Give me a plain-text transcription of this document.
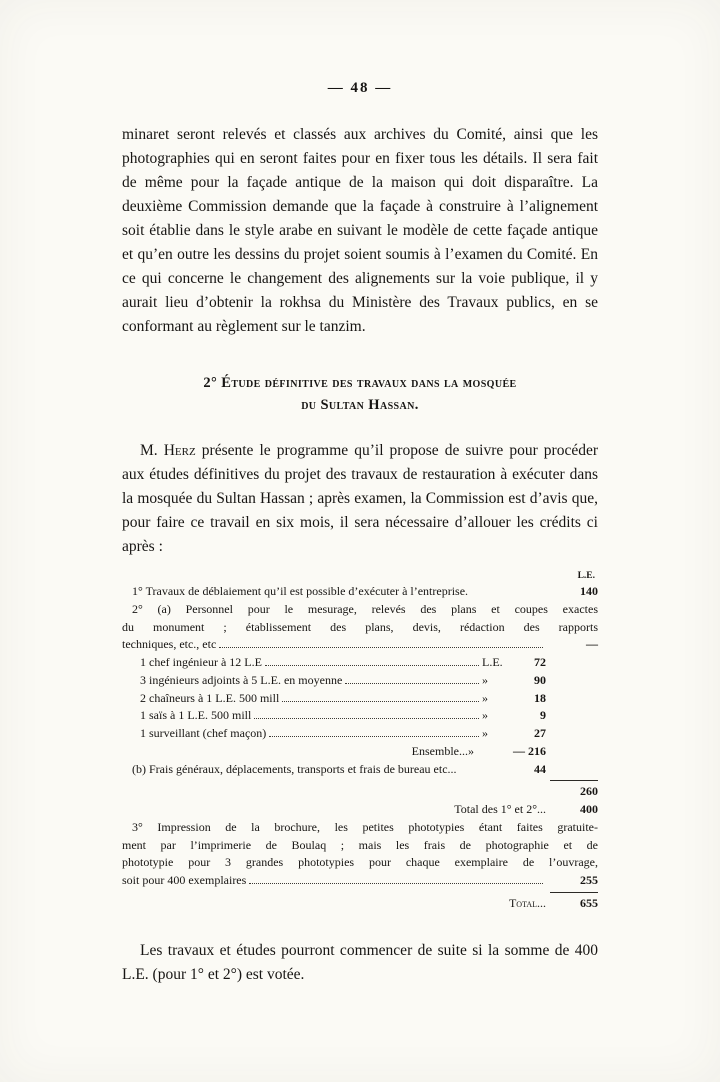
— 48 —

minaret seront relevés et classés aux archives du Comité, ainsi que les photographies qui en seront faites pour en fixer tous les détails. Il sera fait de même pour la façade antique de la maison qui doit disparaître. La deuxième Commission demande que la façade à construire à l’alignement soit établie dans le style arabe en suivant le modèle de cette façade antique et qu’en outre les dessins du projet soient soumis à l’examen du Comité. En ce qui concerne le changement des alignements sur la voie publique, il y aurait lieu d’obtenir la rokhsa du Ministère des Travaux publics, en se conformant au règlement sur le tanzim.

2° Étude définitive des travaux dans la mosquée
du Sultan Hassan.

M. Herz présente le programme qu’il propose de suivre pour procéder aux études définitives du projet des travaux de restauration à exécuter dans la mosquée du Sultan Hassan ; après examen, la Commission est d’avis que, pour faire ce travail en six mois, il sera nécessaire d’allouer les crédits ci après :

L.E.
1° Travaux de déblaiement qu’il est possible d’exécuter à l’entreprise.	140
2° (a) Personnel pour le mesurage, relevés des plans et coupes exactes
du monument ; établissement des plans, devis, rédaction des rapports
techniques, etc., etc	—
1 chef ingénieur à 12 L.E	L.E.	72
3 ingénieurs adjoints à 5 L.E. en moyenne	»	90
2 chaîneurs à 1 L.E. 500 mill	»	18
1 saïs à 1 L.E. 500 mill	»	9
1 surveillant (chef maçon)	»	27
Ensemble... »	— 216
(b) Frais généraux, déplacements, transports et frais de bureau etc...	44
260
Total des 1° et 2°...	400
3° Impression de la brochure, les petites phototypies étant faites gratuite-
ment par l’imprimerie de Boulaq ; mais les frais de photographie et de
phototypie pour 3 grandes phototypies pour chaque exemplaire de l’ouvrage,
soit pour 400 exemplaires	255
Total...	655

Les travaux et études pourront commencer de suite si la somme de 400 L.E. (pour 1° et 2°) est votée.
